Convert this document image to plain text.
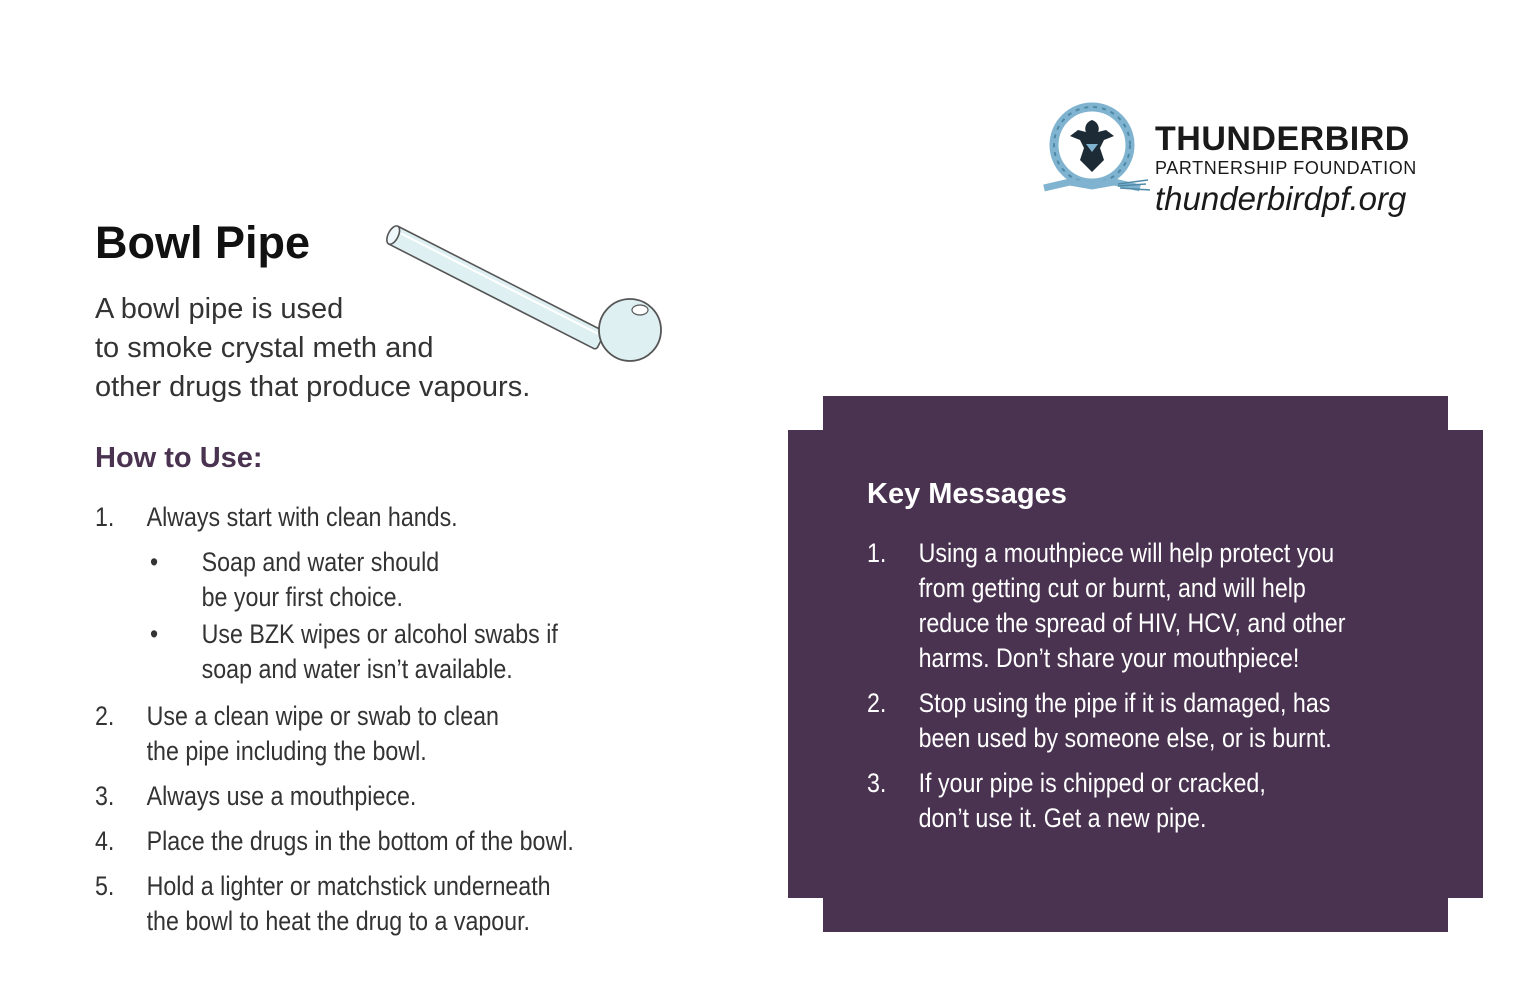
THUNDERBIRD
PARTNERSHIP FOUNDATION
thunderbirdpf.org
Bowl Pipe
A bowl pipe is used
to smoke crystal meth and
other drugs that produce vapours.
How to Use:
1.	Always start with clean hands.
•	Soap and water should
be your first choice.
•	Use BZK wipes or alcohol swabs if
soap and water isn’t available.
2.	Use a clean wipe or swab to clean
the pipe including the bowl.
3.	Always use a mouthpiece.
4.	Place the drugs in the bottom of the bowl.
5.	Hold a lighter or matchstick underneath
the bowl to heat the drug to a vapour.
Key Messages
1.	Using a mouthpiece will help protect you
from getting cut or burnt, and will help
reduce the spread of HIV, HCV, and other
harms. Don’t share your mouthpiece!
2.	Stop using the pipe if it is damaged, has
been used by someone else, or is burnt.
3.	If your pipe is chipped or cracked,
don’t use it. Get a new pipe.
